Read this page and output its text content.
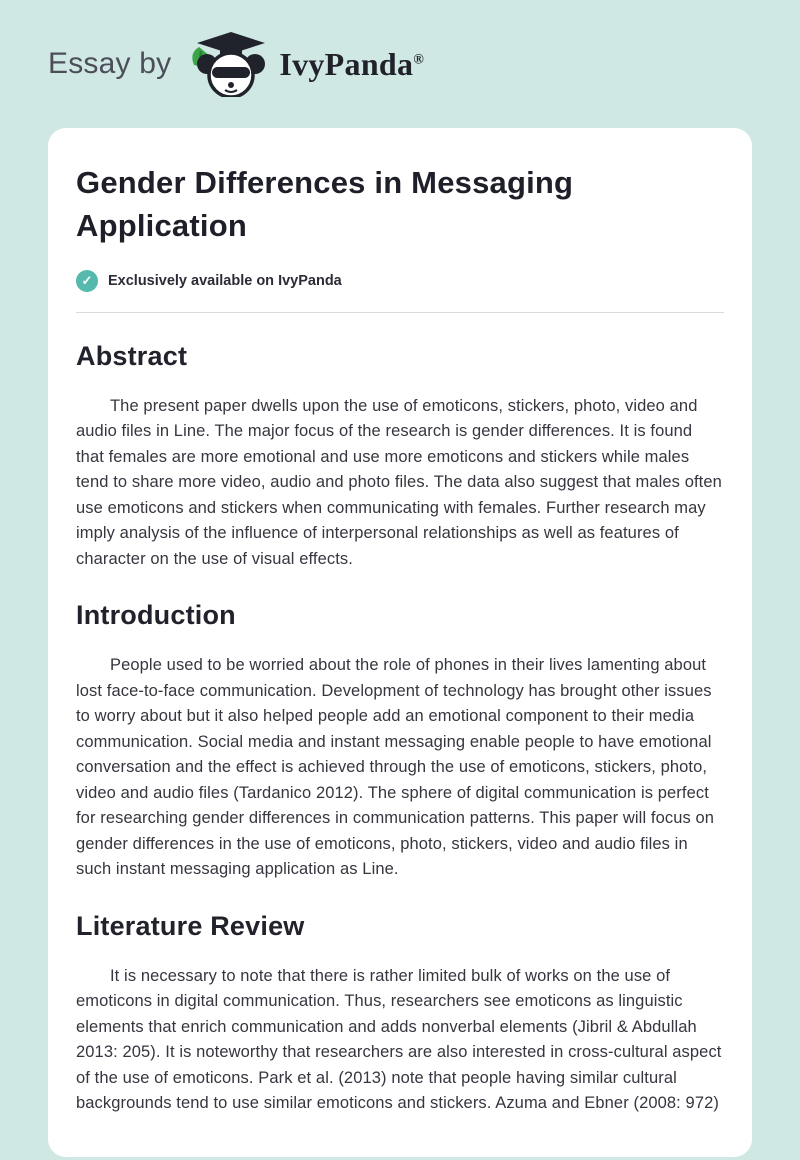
Essay by	IvyPanda®
Gender Differences in Messaging Application
✓	Exclusively available on IvyPanda
Abstract

The present paper dwells upon the use of emoticons, stickers, photo, video and audio files in Line. The major focus of the research is gender differences. It is found that females are more emotional and use more emoticons and stickers while males tend to share more video, audio and photo files. The data also suggest that males often use emoticons and stickers when communicating with females. Further research may imply analysis of the influence of interpersonal relationships as well as features of character on the use of visual effects.

Introduction

People used to be worried about the role of phones in their lives lamenting about lost face-to-face communication. Development of technology has brought other issues to worry about but it also helped people add an emotional component to their media communication. Social media and instant messaging enable people to have emotional conversation and the effect is achieved through the use of emoticons, stickers, photo, video and audio files (Tardanico 2012). The sphere of digital communication is perfect for researching gender differences in communication patterns. This paper will focus on gender differences in the use of emoticons, photo, stickers, video and audio files in such instant messaging application as Line.

Literature Review

It is necessary to note that there is rather limited bulk of works on the use of emoticons in digital communication. Thus, researchers see emoticons as linguistic elements that enrich communication and adds nonverbal elements (Jibril & Abdullah 2013: 205). It is noteworthy that researchers are also interested in cross-cultural aspect of the use of emoticons. Park et al. (2013) note that people having similar cultural backgrounds tend to use similar emoticons and stickers. Azuma and Ebner (2008: 972)
